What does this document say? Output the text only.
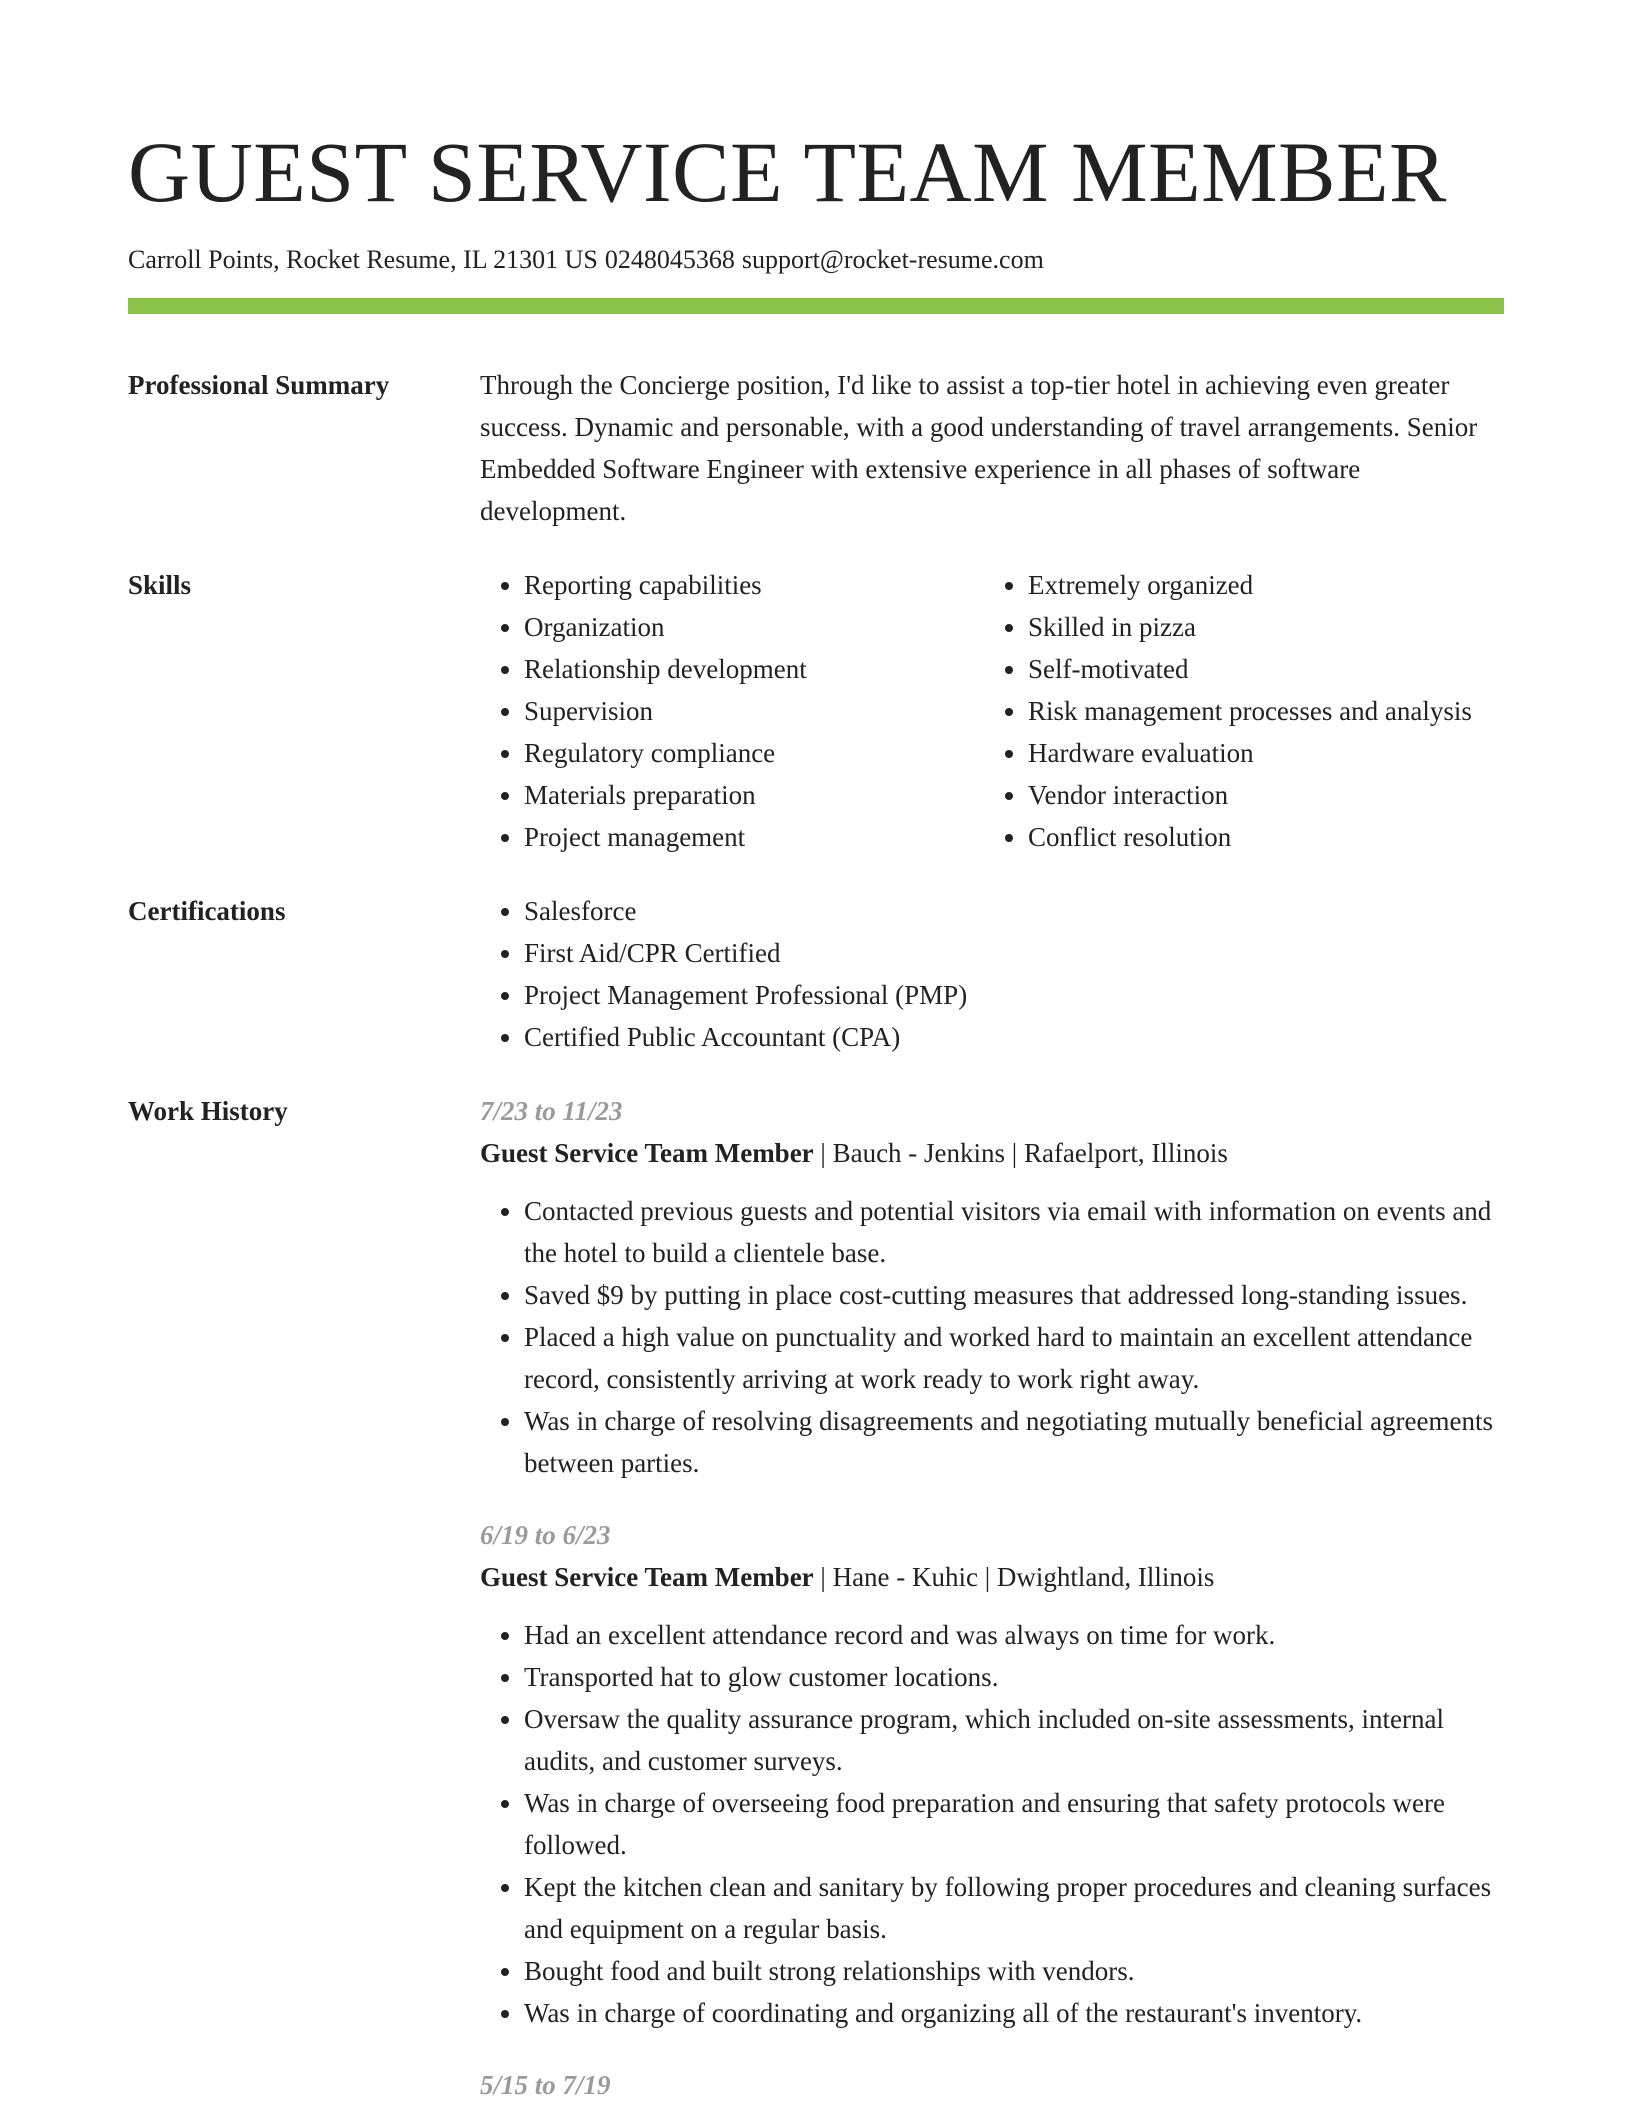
GUEST SERVICE TEAM MEMBER
Carroll Points, Rocket Resume, IL 21301 US 0248045368 support@rocket-resume.com
Professional Summary	Through the Concierge position, I'd like to assist a top-tier hotel in achieving even greater success. Dynamic and personable, with a good understanding of travel arrangements. Senior Embedded Software Engineer with extensive experience in all phases of software development.
Skills	• Reporting capabilities
• Organization
• Relationship development
• Supervision
• Regulatory compliance
• Materials preparation
• Project management
• Extremely organized
• Skilled in pizza
• Self-motivated
• Risk management processes and analysis
• Hardware evaluation
• Vendor interaction
• Conflict resolution
Certifications	• Salesforce
• First Aid/CPR Certified
• Project Management Professional (PMP)
• Certified Public Accountant (CPA)
Work History	7/23 to 11/23
Guest Service Team Member | Bauch - Jenkins | Rafaelport, Illinois
• Contacted previous guests and potential visitors via email with information on events and the hotel to build a clientele base.
• Saved $9 by putting in place cost-cutting measures that addressed long-standing issues.
• Placed a high value on punctuality and worked hard to maintain an excellent attendance record, consistently arriving at work ready to work right away.
• Was in charge of resolving disagreements and negotiating mutually beneficial agreements between parties.
6/19 to 6/23
Guest Service Team Member | Hane - Kuhic | Dwightland, Illinois
• Had an excellent attendance record and was always on time for work.
• Transported hat to glow customer locations.
• Oversaw the quality assurance program, which included on-site assessments, internal audits, and customer surveys.
• Was in charge of overseeing food preparation and ensuring that safety protocols were followed.
• Kept the kitchen clean and sanitary by following proper procedures and cleaning surfaces and equipment on a regular basis.
• Bought food and built strong relationships with vendors.
• Was in charge of coordinating and organizing all of the restaurant's inventory.
5/15 to 7/19
